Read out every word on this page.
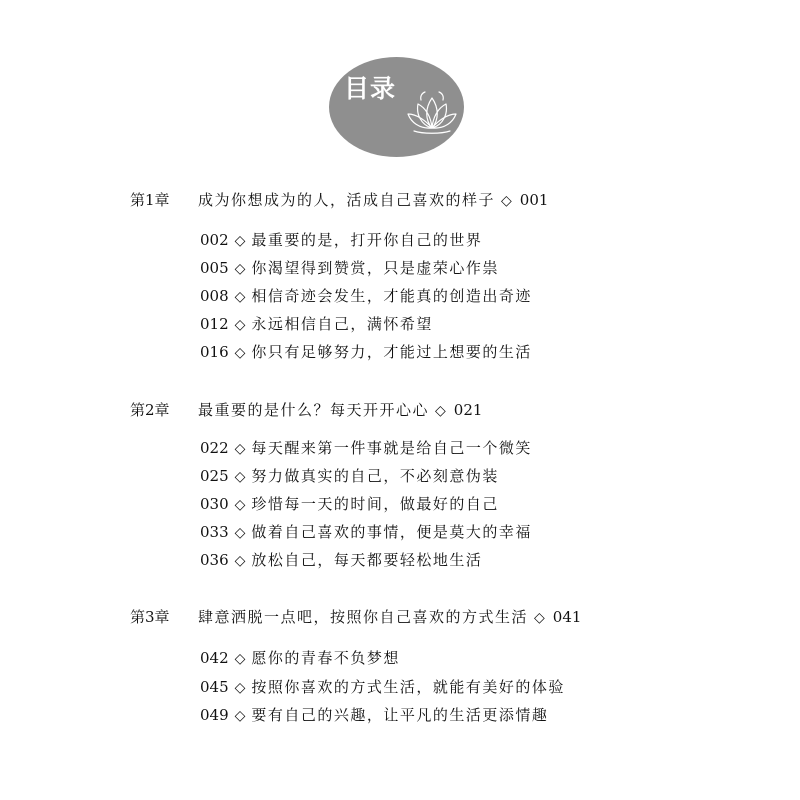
目录
第1章 成为你想成为的人，活成自己喜欢的样子 ◇ 001
002 ◇ 最重要的是，打开你自己的世界
005 ◇ 你渴望得到赞赏，只是虚荣心作祟
008 ◇ 相信奇迹会发生，才能真的创造出奇迹
012 ◇ 永远相信自己，满怀希望
016 ◇ 你只有足够努力，才能过上想要的生活
第2章 最重要的是什么？每天开开心心 ◇ 021
022 ◇ 每天醒来第一件事就是给自己一个微笑
025 ◇ 努力做真实的自己，不必刻意伪装
030 ◇ 珍惜每一天的时间，做最好的自己
033 ◇ 做着自己喜欢的事情，便是莫大的幸福
036 ◇ 放松自己，每天都要轻松地生活
第3章 肆意洒脱一点吧，按照你自己喜欢的方式生活 ◇ 041
042 ◇ 愿你的青春不负梦想
045 ◇ 按照你喜欢的方式生活，就能有美好的体验
049 ◇ 要有自己的兴趣，让平凡的生活更添情趣
